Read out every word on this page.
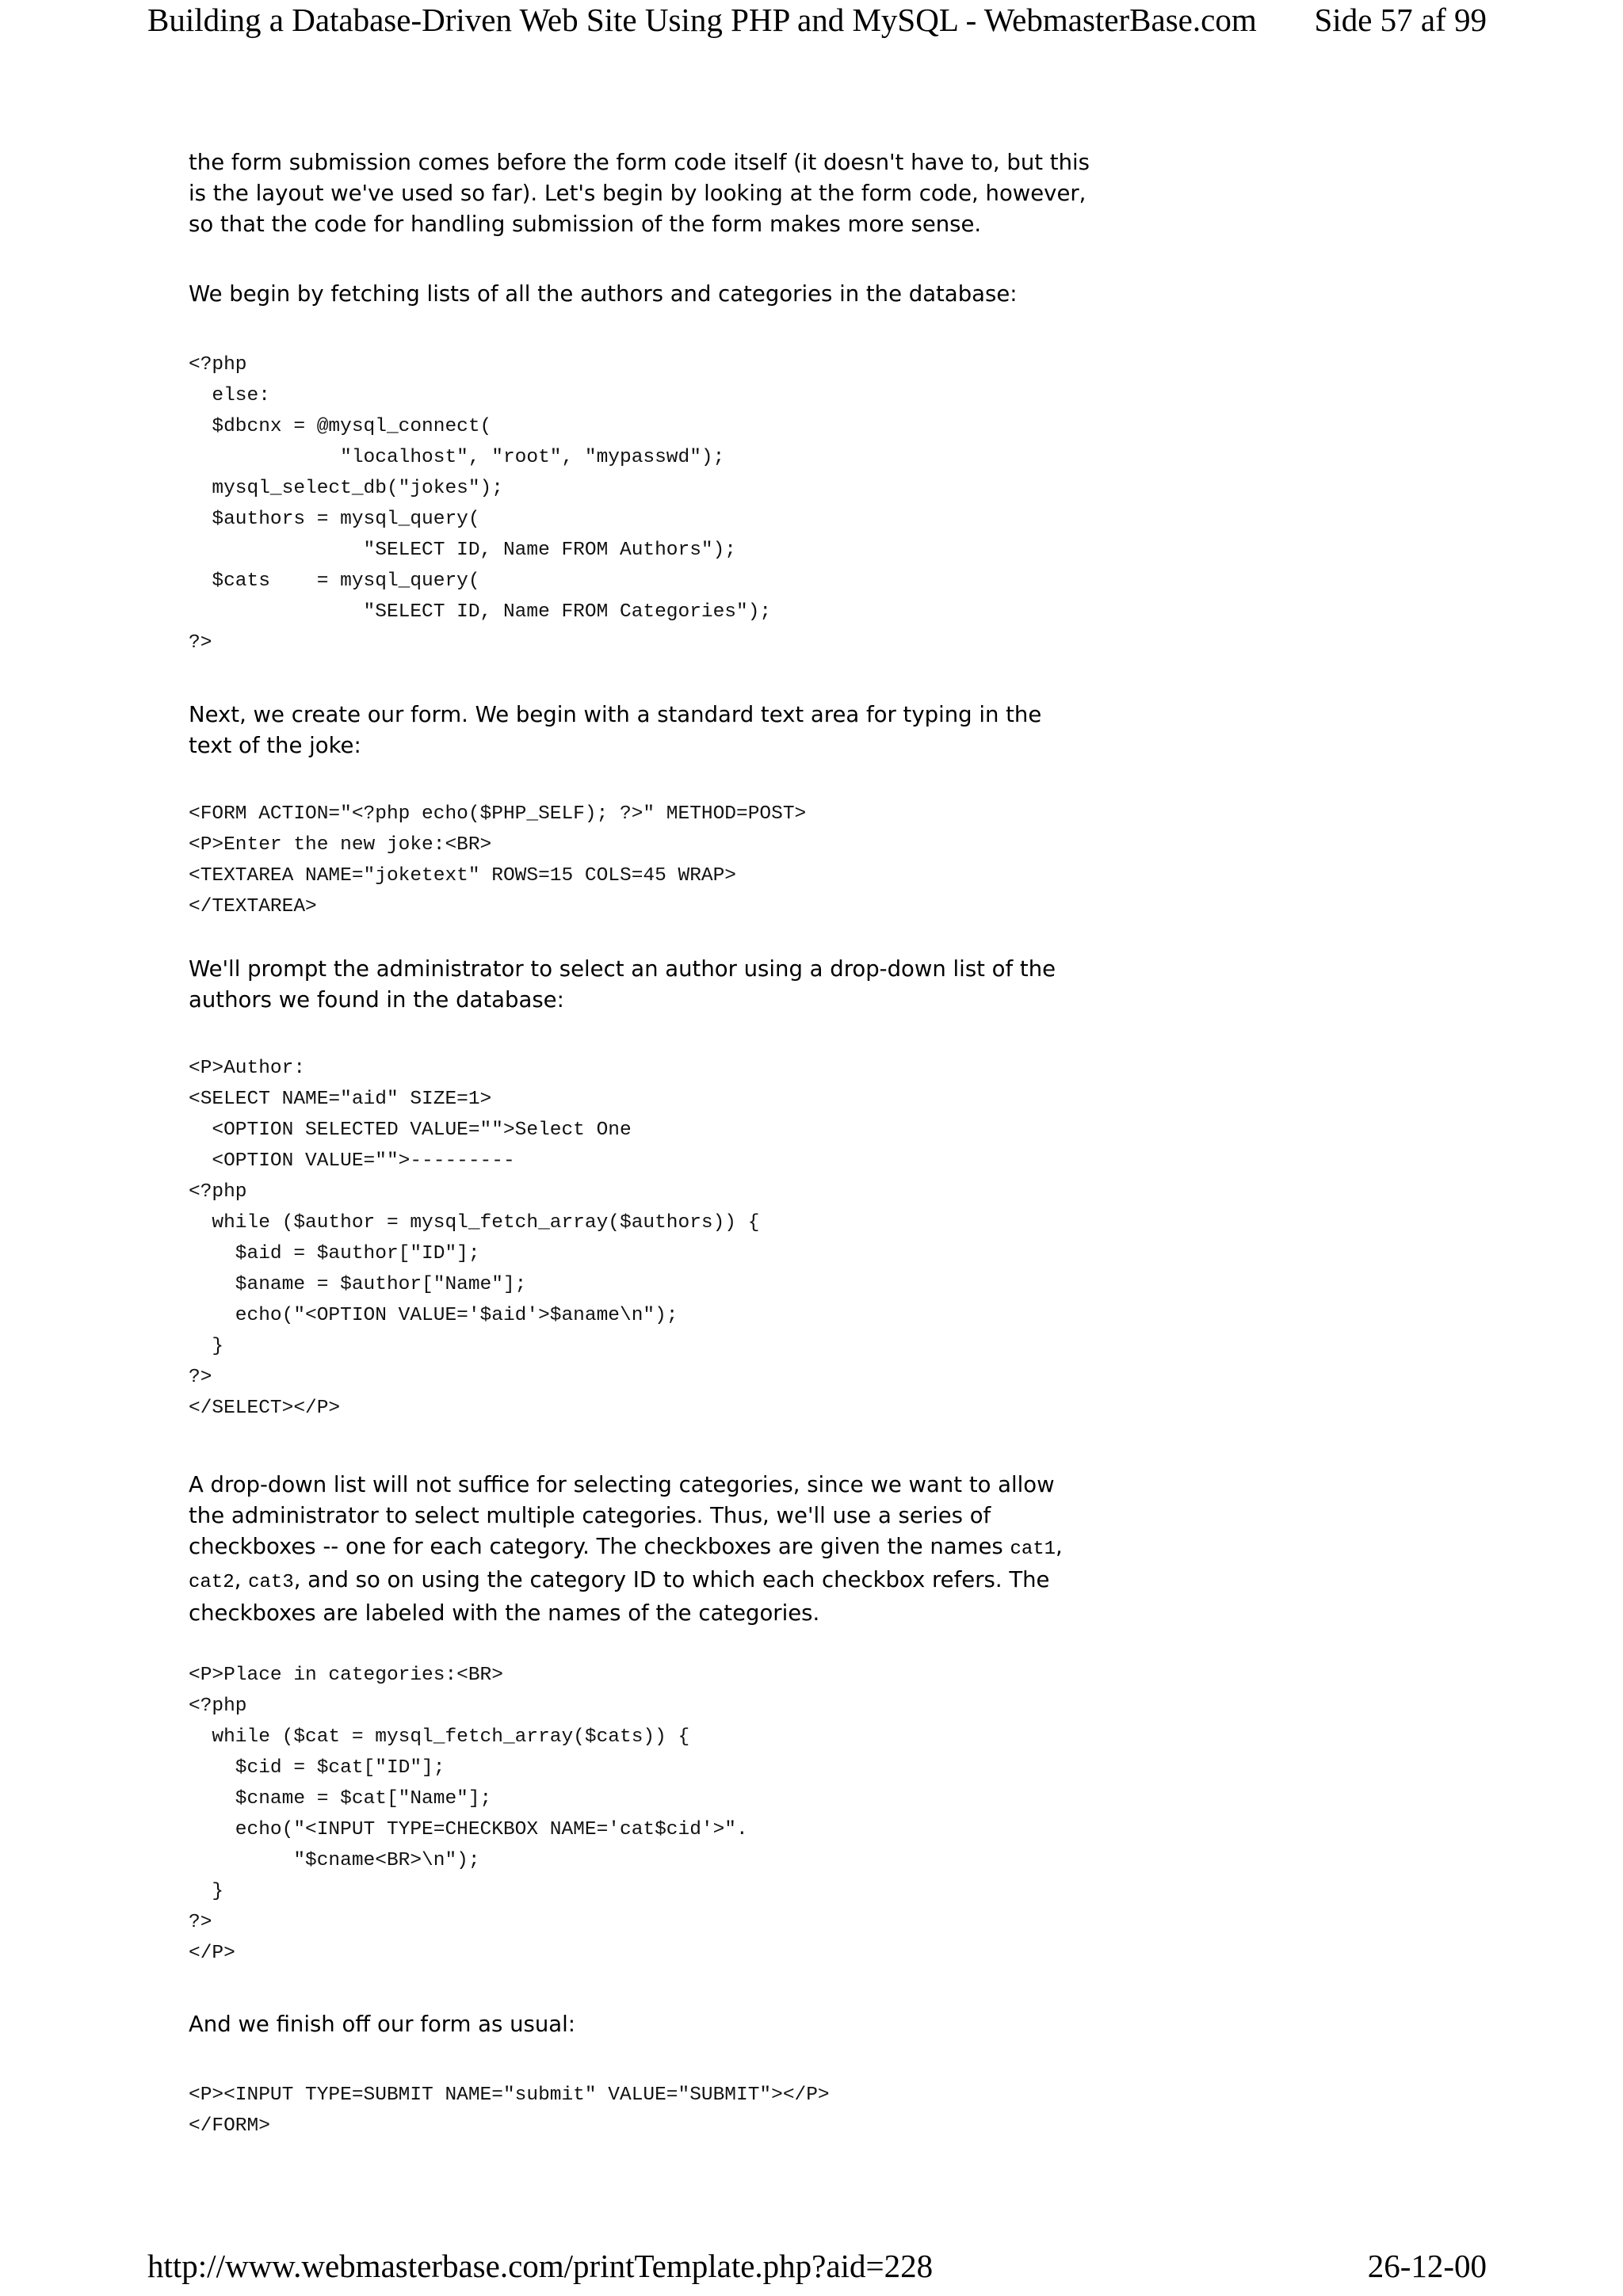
Building a Database-Driven Web Site Using PHP and MySQL - WebmasterBase.com Side 57 af 99

the form submission comes before the form code itself (it doesn't have to, but this
is the layout we've used so far). Let's begin by looking at the form code, however,
so that the code for handling submission of the form makes more sense.

We begin by fetching lists of all the authors and categories in the database:

<?php
else:
$dbcnx = @mysql_connect(
"localhost", "root", "mypasswd");
mysql_select_db("jokes");
$authors = mysql_query(
"SELECT ID, Name FROM Authors");
$cats    = mysql_query(
"SELECT ID, Name FROM Categories");
?>

Next, we create our form. We begin with a standard text area for typing in the
text of the joke:

<FORM ACTION="<?php echo($PHP_SELF); ?>" METHOD=POST>
<P>Enter the new joke:<BR>
<TEXTAREA NAME="joketext" ROWS=15 COLS=45 WRAP>
</TEXTAREA>

We'll prompt the administrator to select an author using a drop-down list of the
authors we found in the database:

<P>Author:
<SELECT NAME="aid" SIZE=1>
<OPTION SELECTED VALUE="">Select One
<OPTION VALUE="">---------
<?php
while ($author = mysql_fetch_array($authors)) {
$aid = $author["ID"];
$aname = $author["Name"];
echo("<OPTION VALUE='$aid'>$aname\n");
}
?>
</SELECT></P>

A drop-down list will not suffice for selecting categories, since we want to allow
the administrator to select multiple categories. Thus, we'll use a series of
checkboxes -- one for each category. The checkboxes are given the names cat1,
cat2, cat3, and so on using the category ID to which each checkbox refers. The
checkboxes are labeled with the names of the categories.

<P>Place in categories:<BR>
<?php
while ($cat = mysql_fetch_array($cats)) {
$cid = $cat["ID"];
$cname = $cat["Name"];
echo("<INPUT TYPE=CHECKBOX NAME='cat$cid'>".
"$cname<BR>\n");
}
?>
</P>

And we finish off our form as usual:

<P><INPUT TYPE=SUBMIT NAME="submit" VALUE="SUBMIT"></P>
</FORM>
http://www.webmasterbase.com/printTemplate.php?aid=228	26-12-00
